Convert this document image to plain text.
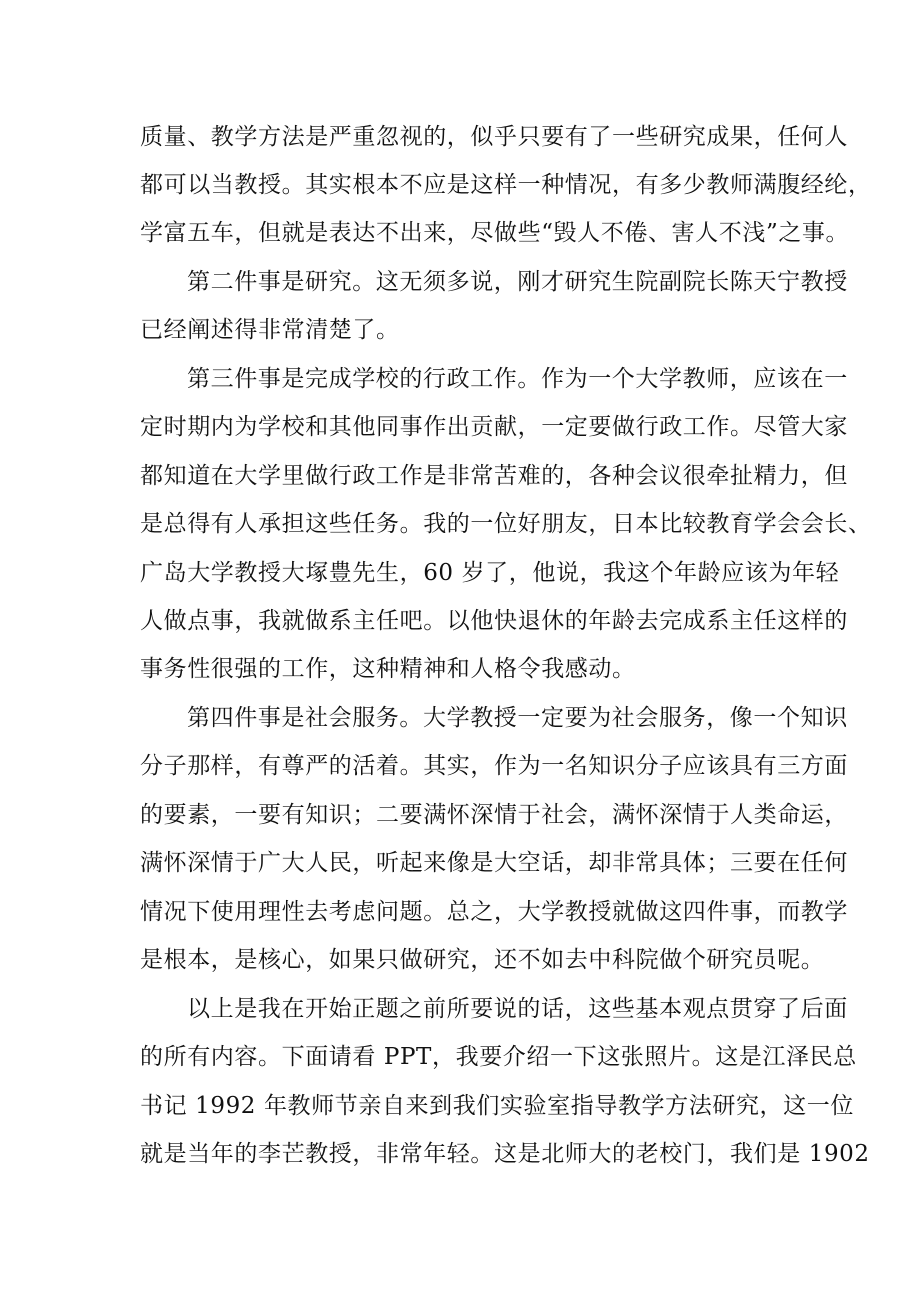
质量、教学方法是严重忽视的，似乎只要有了一些研究成果，任何人

都可以当教授。其实根本不应是这样一种情况，有多少教师满腹经纶，

学富五车，但就是表达不出来，尽做些“毁人不倦、害人不浅”之事。

第二件事是研究。这无须多说，刚才研究生院副院长陈天宁教授

已经阐述得非常清楚了。

第三件事是完成学校的行政工作。作为一个大学教师，应该在一

定时期内为学校和其他同事作出贡献，一定要做行政工作。尽管大家

都知道在大学里做行政工作是非常苦难的，各种会议很牵扯精力，但

是总得有人承担这些任务。我的一位好朋友，日本比较教育学会会长、

广岛大学教授大塚豊先生，60 岁了，他说，我这个年龄应该为年轻

人做点事，我就做系主任吧。以他快退休的年龄去完成系主任这样的

事务性很强的工作，这种精神和人格令我感动。

第四件事是社会服务。大学教授一定要为社会服务，像一个知识

分子那样，有尊严的活着。其实，作为一名知识分子应该具有三方面

的要素，一要有知识；二要满怀深情于社会，满怀深情于人类命运，

满怀深情于广大人民，听起来像是大空话，却非常具体；三要在任何

情况下使用理性去考虑问题。总之，大学教授就做这四件事，而教学

是根本，是核心，如果只做研究，还不如去中科院做个研究员呢。

以上是我在开始正题之前所要说的话，这些基本观点贯穿了后面

的所有内容。下面请看 PPT，我要介绍一下这张照片。这是江泽民总

书记 1992 年教师节亲自来到我们实验室指导教学方法研究，这一位

就是当年的李芒教授，非常年轻。这是北师大的老校门，我们是 1902
